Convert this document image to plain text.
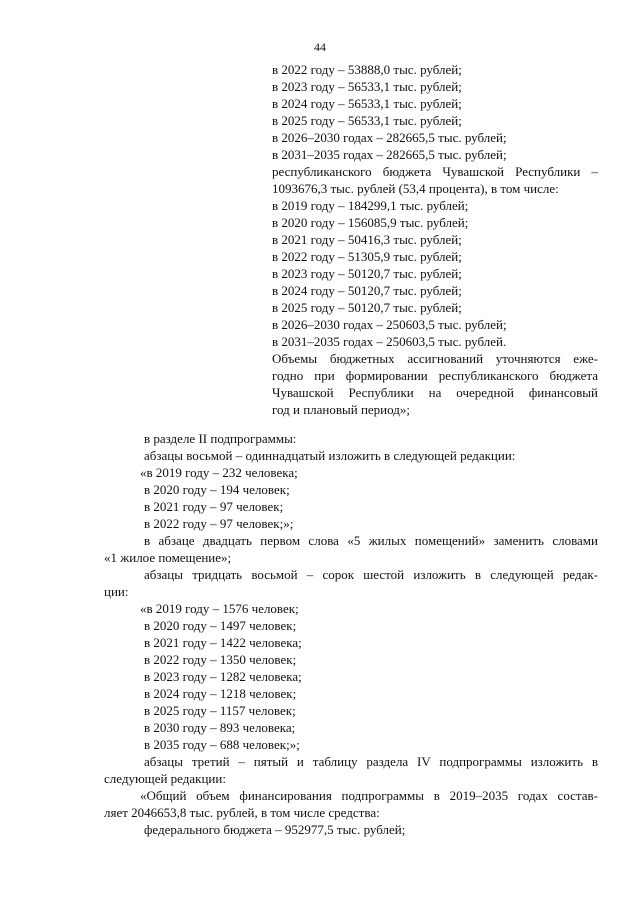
44
в 2022 году – 53888,0 тыс. рублей;
в 2023 году – 56533,1 тыс. рублей;
в 2024 году – 56533,1 тыс. рублей;
в 2025 году – 56533,1 тыс. рублей;
в 2026–2030 годах – 282665,5 тыс. рублей;
в 2031–2035 годах – 282665,5 тыс. рублей;
республиканского бюджета Чувашской Республики –
1093676,3 тыс. рублей (53,4 процента), в том числе:
в 2019 году – 184299,1 тыс. рублей;
в 2020 году – 156085,9 тыс. рублей;
в 2021 году – 50416,3 тыс. рублей;
в 2022 году – 51305,9 тыс. рублей;
в 2023 году – 50120,7 тыс. рублей;
в 2024 году – 50120,7 тыс. рублей;
в 2025 году – 50120,7 тыс. рублей;
в 2026–2030 годах – 250603,5 тыс. рублей;
в 2031–2035 годах – 250603,5 тыс. рублей.
Объемы бюджетных ассигнований уточняются еже-
годно при формировании республиканского бюджета
Чувашской Республики на очередной финансовый
год и плановый период»;
в разделе II подпрограммы:
абзацы восьмой – одиннадцатый изложить в следующей редакции:
«в 2019 году – 232 человека;
в 2020 году – 194 человек;
в 2021 году – 97 человек;
в 2022 году – 97 человек;»;
в абзаце двадцать первом слова «5 жилых помещений» заменить словами
«1 жилое помещение»;
абзацы тридцать восьмой – сорок шестой изложить в следующей редак-
ции:
«в 2019 году – 1576 человек;
в 2020 году – 1497 человек;
в 2021 году – 1422 человека;
в 2022 году – 1350 человек;
в 2023 году – 1282 человека;
в 2024 году – 1218 человек;
в 2025 году – 1157 человек;
в 2030 году – 893 человека;
в 2035 году – 688 человек;»;
абзацы третий – пятый и таблицу раздела IV подпрограммы изложить в
следующей редакции:
«Общий объем финансирования подпрограммы в 2019–2035 годах состав-
ляет 2046653,8 тыс. рублей, в том числе средства:
федерального бюджета – 952977,5 тыс. рублей;
